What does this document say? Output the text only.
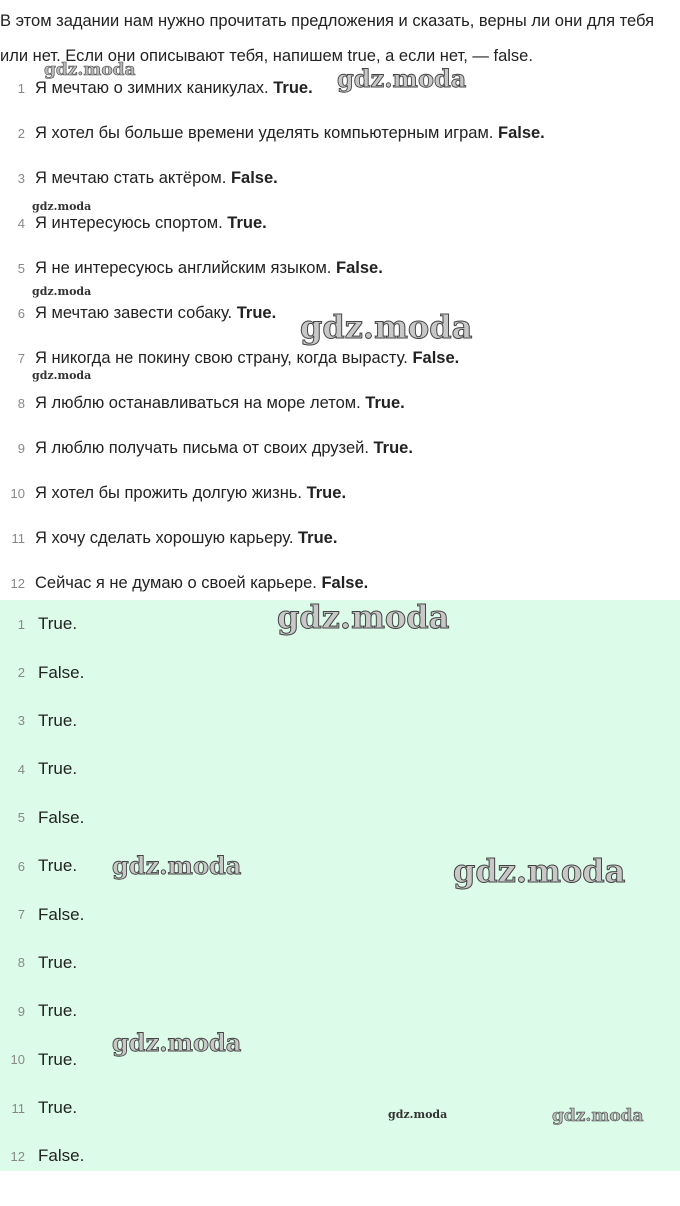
В этом задании нам нужно прочитать предложения и сказать, верны ли они для тебя или нет. Если они описывают тебя, напишем true, а если нет, — false.
1 Я мечтаю о зимних каникулах. True.
2 Я хотел бы больше времени уделять компьютерным играм. False.
3 Я мечтаю стать актёром. False.
4 Я интересуюсь спортом. True.
5 Я не интересуюсь английским языком. False.
6 Я мечтаю завести собаку. True.
7 Я никогда не покину свою страну, когда вырасту. False.
8 Я люблю останавливаться на море летом. True.
9 Я люблю получать письма от своих друзей. True.
10 Я хотел бы прожить долгую жизнь. True.
11 Я хочу сделать хорошую карьеру. True.
12 Сейчас я не думаю о своей карьере. False.
1 True.
2 False.
3 True.
4 True.
5 False.
6 True.
7 False.
8 True.
9 True.
10 True.
11 True.
12 False.
gdz.moda	gdz.moda
gdz.moda
gdz.moda
gdz.moda
gdz.moda
gdz.moda
gdz.moda	gdz.moda
gdz.moda
gdz.moda	gdz.moda
